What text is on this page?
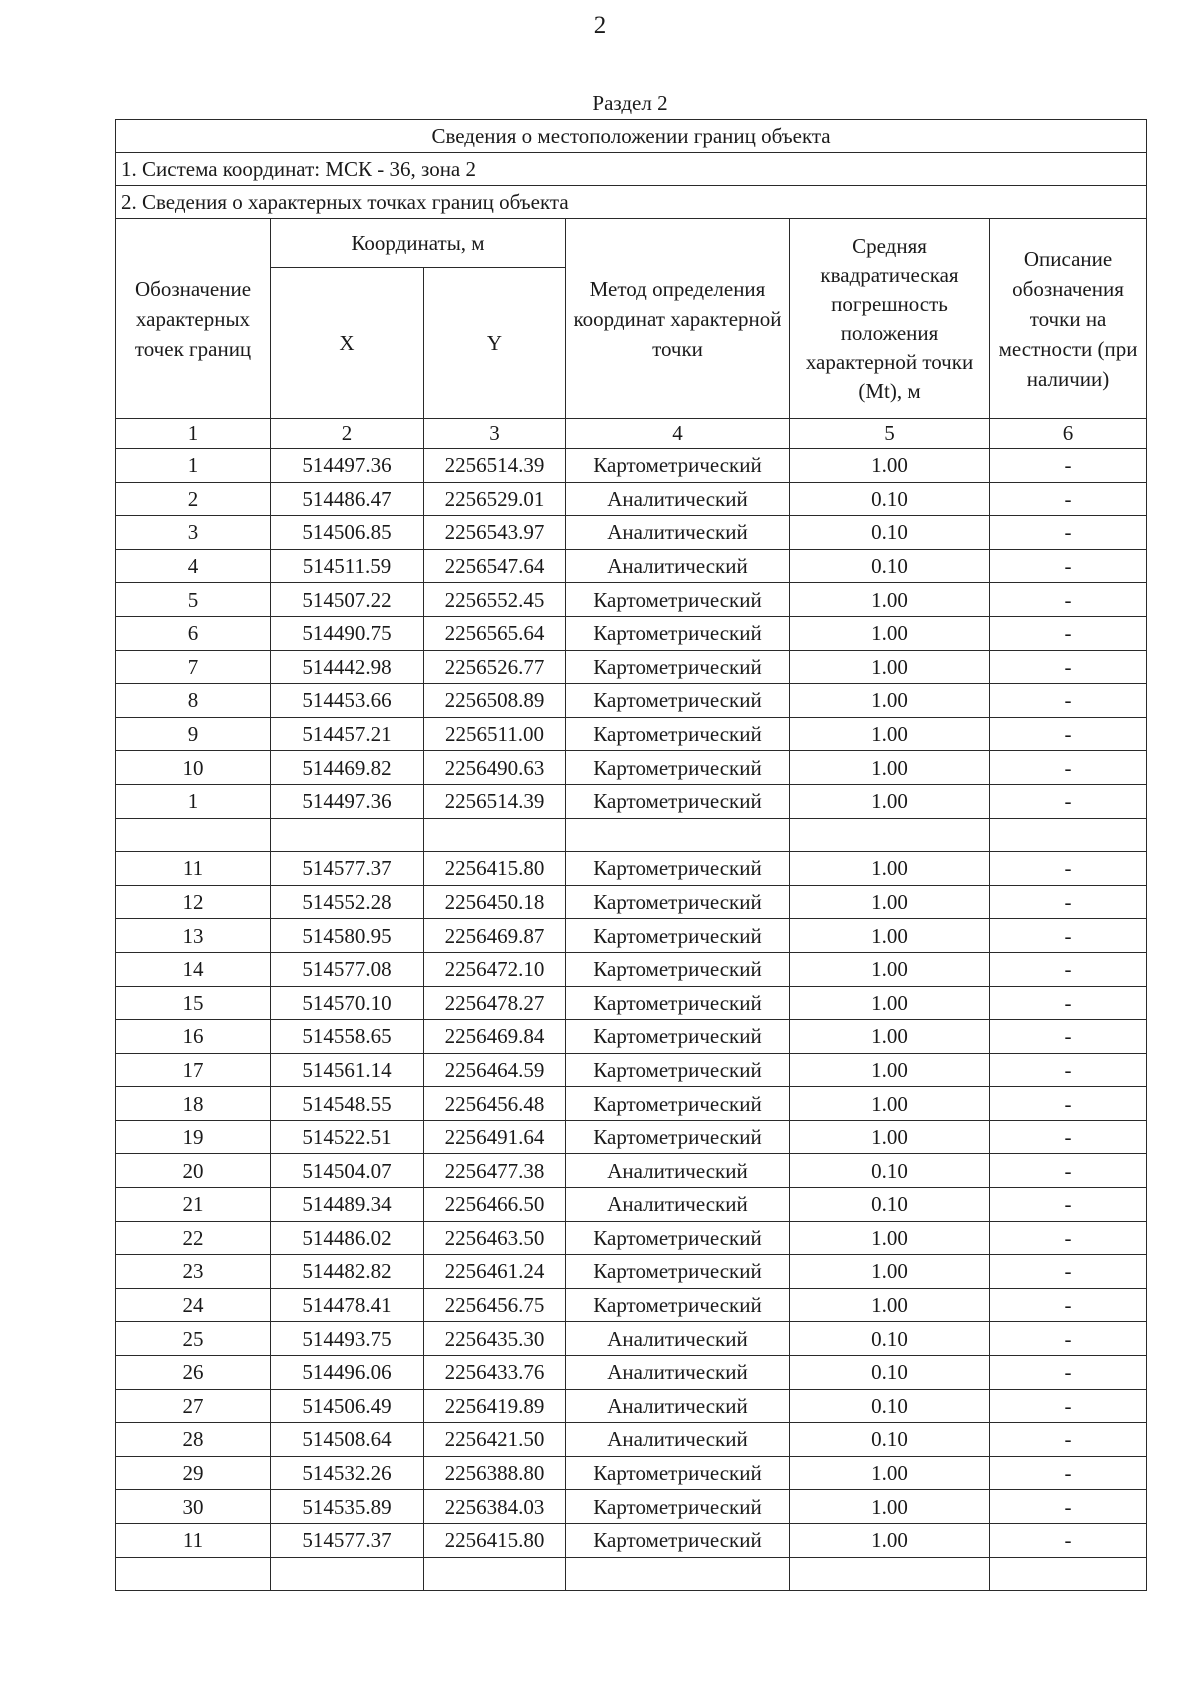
2
Раздел 2
Сведения о местоположении границ объекта					
1. Система координат: МСК - 36, зона 2					
2. Сведения о характерных точках границ объекта					
Обозначение характерных точек границ	Координаты, м		Метод определения координат характерной точки	Средняя квадратическая погрешность положения характерной точки (Mt), м	Описание обозначения точки на местности (при наличии)
	X	Y			
1	2	3	4	5	6
1	514497.36	2256514.39	Картометрический	1.00	-
2	514486.47	2256529.01	Аналитический	0.10	-
3	514506.85	2256543.97	Аналитический	0.10	-
4	514511.59	2256547.64	Аналитический	0.10	-
5	514507.22	2256552.45	Картометрический	1.00	-
6	514490.75	2256565.64	Картометрический	1.00	-
7	514442.98	2256526.77	Картометрический	1.00	-
8	514453.66	2256508.89	Картометрический	1.00	-
9	514457.21	2256511.00	Картометрический	1.00	-
10	514469.82	2256490.63	Картометрический	1.00	-
1	514497.36	2256514.39	Картометрический	1.00	-

11	514577.37	2256415.80	Картометрический	1.00	-
12	514552.28	2256450.18	Картометрический	1.00	-
13	514580.95	2256469.87	Картометрический	1.00	-
14	514577.08	2256472.10	Картометрический	1.00	-
15	514570.10	2256478.27	Картометрический	1.00	-
16	514558.65	2256469.84	Картометрический	1.00	-
17	514561.14	2256464.59	Картометрический	1.00	-
18	514548.55	2256456.48	Картометрический	1.00	-
19	514522.51	2256491.64	Картометрический	1.00	-
20	514504.07	2256477.38	Аналитический	0.10	-
21	514489.34	2256466.50	Аналитический	0.10	-
22	514486.02	2256463.50	Картометрический	1.00	-
23	514482.82	2256461.24	Картометрический	1.00	-
24	514478.41	2256456.75	Картометрический	1.00	-
25	514493.75	2256435.30	Аналитический	0.10	-
26	514496.06	2256433.76	Аналитический	0.10	-
27	514506.49	2256419.89	Аналитический	0.10	-
28	514508.64	2256421.50	Аналитический	0.10	-
29	514532.26	2256388.80	Картометрический	1.00	-
30	514535.89	2256384.03	Картометрический	1.00	-
11	514577.37	2256415.80	Картометрический	1.00	-
